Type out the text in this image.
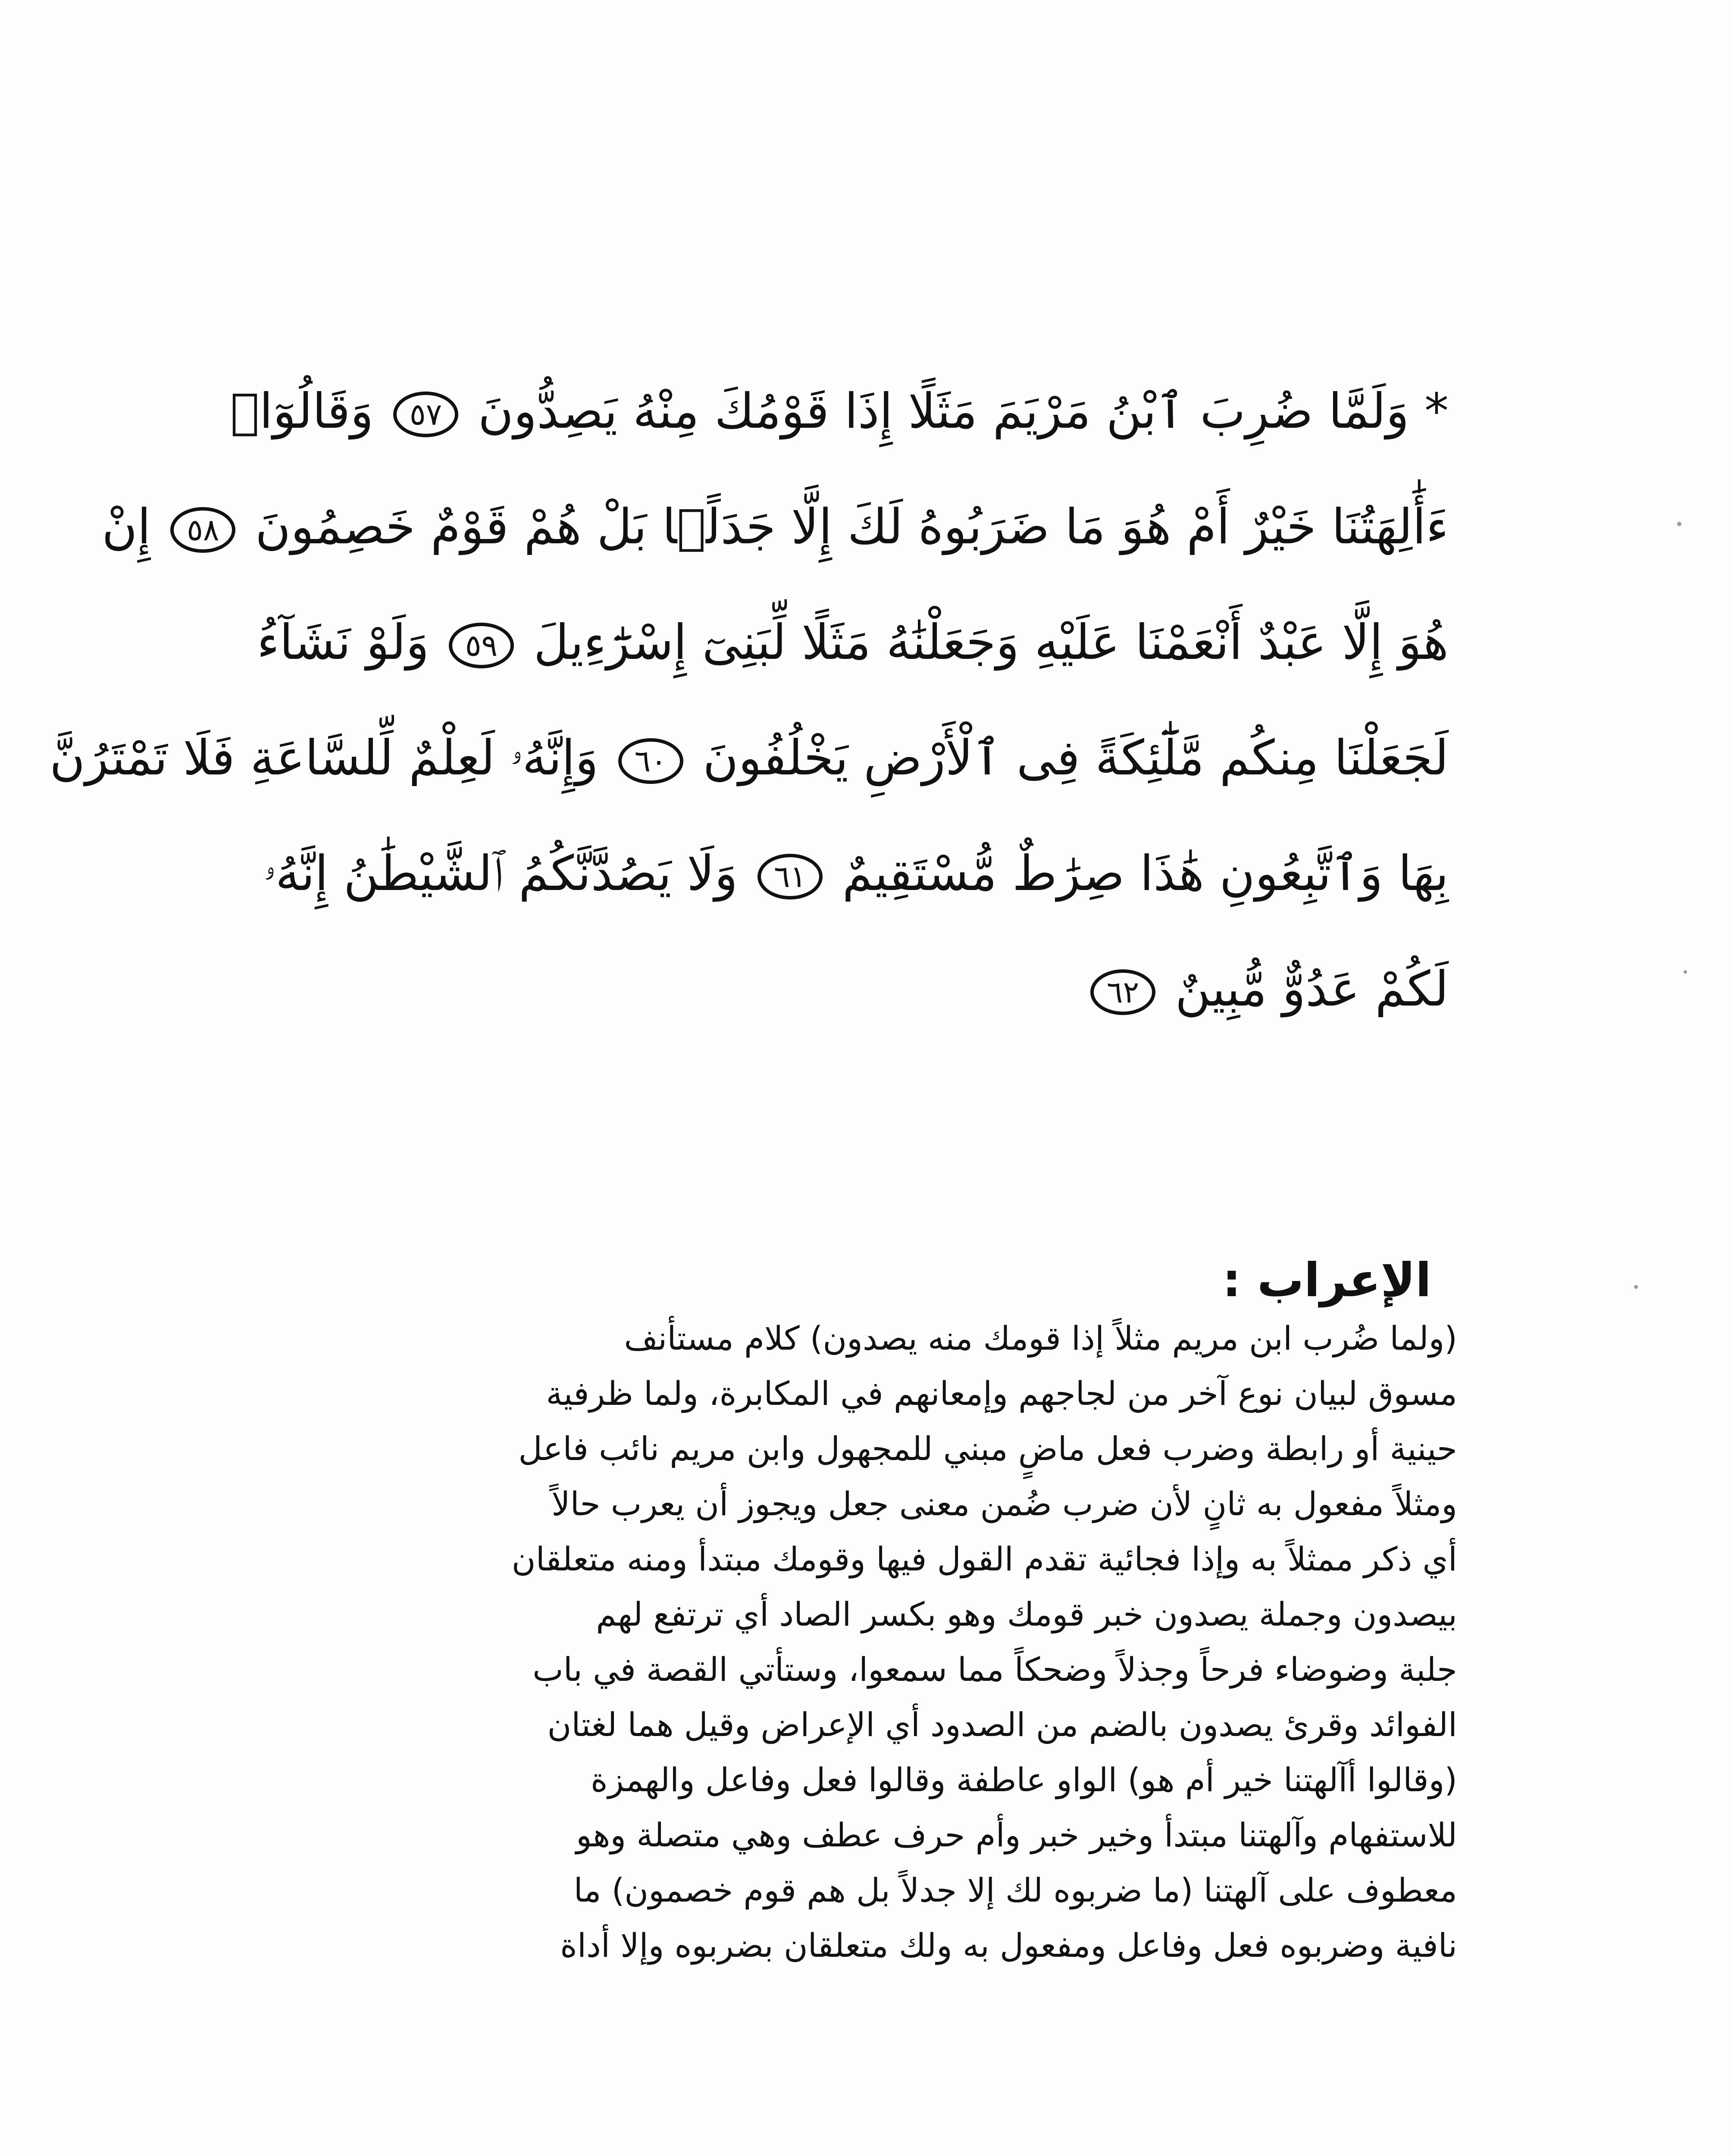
* وَلَمَّا ضُرِبَ ٱبْنُ مَرْيَمَ مَثَلًا إِذَا قَوْمُكَ مِنْهُ يَصِدُّونَ ٥٧ وَقَالُوٓا۟
ءَأَٰلِهَتُنَا خَيْرٌ أَمْ هُوَ مَا ضَرَبُوهُ لَكَ إِلَّا جَدَلًۢا بَلْ هُمْ قَوْمٌ خَصِمُونَ ٥٨ إِنْ
هُوَ إِلَّا عَبْدٌ أَنْعَمْنَا عَلَيْهِ وَجَعَلْنَٰهُ مَثَلًا لِّبَنِىٓ إِسْرَٰٓءِيلَ ٥٩ وَلَوْ نَشَآءُ
لَجَعَلْنَا مِنكُم مَّلَٰٓئِكَةً فِى ٱلْأَرْضِ يَخْلُفُونَ ٦٠ وَإِنَّهُۥ لَعِلْمٌ لِّلسَّاعَةِ فَلَا تَمْتَرُنَّ
بِهَا وَٱتَّبِعُونِ هَٰذَا صِرَٰطٌ مُّسْتَقِيمٌ ٦١ وَلَا يَصُدَّنَّكُمُ ٱلشَّيْطَٰنُ إِنَّهُۥ
لَكُمْ عَدُوٌّ مُّبِينٌ ٦٢
الإعراب :
(ولما ضُرب ابن مريم مثلاً إذا قومك منه يصدون) كلام مستأنف
مسوق لبيان نوع آخر من لجاجهم وإمعانهم في المكابرة، ولما ظرفية
حينية أو رابطة وضرب فعل ماضٍ مبني للمجهول وابن مريم نائب فاعل
ومثلاً مفعول به ثانٍ لأن ضرب ضُمن معنى جعل ويجوز أن يعرب حالاً
أي ذكر ممثلاً به وإذا فجائية تقدم القول فيها وقومك مبتدأ ومنه متعلقان
بيصدون وجملة يصدون خبر قومك وهو بكسر الصاد أي ترتفع لهم
جلبة وضوضاء فرحاً وجذلاً وضحكاً مما سمعوا، وستأتي القصة في باب
الفوائد وقرئ يصدون بالضم من الصدود أي الإعراض وقيل هما لغتان
(وقالوا أآلهتنا خير أم هو) الواو عاطفة وقالوا فعل وفاعل والهمزة
للاستفهام وآلهتنا مبتدأ وخير خبر وأم حرف عطف وهي متصلة وهو
معطوف على آلهتنا (ما ضربوه لك إلا جدلاً بل هم قوم خصمون) ما
نافية وضربوه فعل وفاعل ومفعول به ولك متعلقان بضربوه وإلا أداة
